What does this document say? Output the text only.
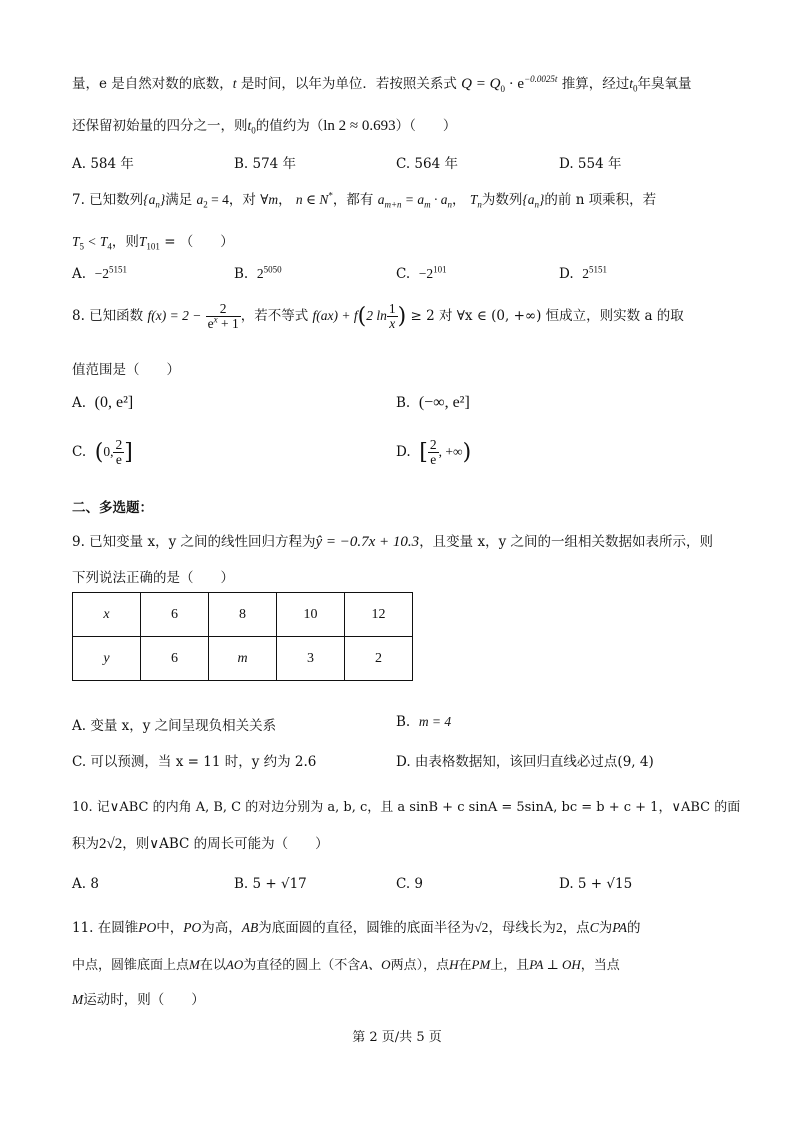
量，e 是自然对数的底数，t 是时间，以年为单位．若按照关系式 $Q = Q_0 \cdot e^{-0.0025t}$ 推算，经过$t_0$年臭氧量
还保留初始量的四分之一，则$t_0$的值约为（ln 2 ≈ 0.693）（　　）
A. 584 年	B. 574 年	C. 564 年	D. 554 年
7. 已知数列$\{a_n\}$满足 $a_2 = 4$，对 ∀m， n ∈ N*，都有 $a_{m+n} = a_m \cdot a_n$， $T_n$为数列$\{a_n\}$的前 n 项乘积，若
$T_5 < T_4$，则$T_{101}$ = （　　）
A. $-2^{5151}$	B. $2^{5050}$	C. $-2^{101}$	D. $2^{5151}$
8. 已知函数 $f(x) = 2 - \frac{2}{e^x + 1}$ ，若不等式 f(ax) + f(2 $\ln \frac{1}{x}$ ) ≥ 2 对 ∀x ∈ (0, +∞) 恒成立，则实数 a 的取
值范围是（　　）
A. (0, e²]	B. (−∞, e²]
C. (0, $\frac{2}{e}$ ]	D. [ $\frac{2}{e}$ , +∞)
二、多选题：
9. 已知变量 x，y 之间的线性回归方程为ŷ = −0.7x + 10.3，且变量 x，y 之间的一组相关数据如表所示，则
下列说法正确的是（　　）
x	6	8	10	12
y	6	m	3	2
A. 变量 x，y 之间呈现负相关关系	B. m = 4
C. 可以预测，当 x = 11 时，y 约为 2.6	D. 由表格数据知，该回归直线必过点(9, 4)
10. 记∨ABC 的内角 A, B, C 的对边分别为 a, b, c，且 a sinB + c sinA = 5sinA, bc = b + c + 1，∨ABC 的面
积为2√2，则∨ABC 的周长可能为（　　）
A. 8	B. 5 + √17	C. 9	D. 5 + √15
11. 在圆锥PO中，PO为高，AB为底面圆的直径，圆锥的底面半径为√2，母线长为2，点C为PA的
中点，圆锥底面上点M在以AO为直径的圆上（不含A、O两点），点H在PM上，且PA ⊥ OH，当点
M运动时，则（　　）
第 2 页/共 5 页
